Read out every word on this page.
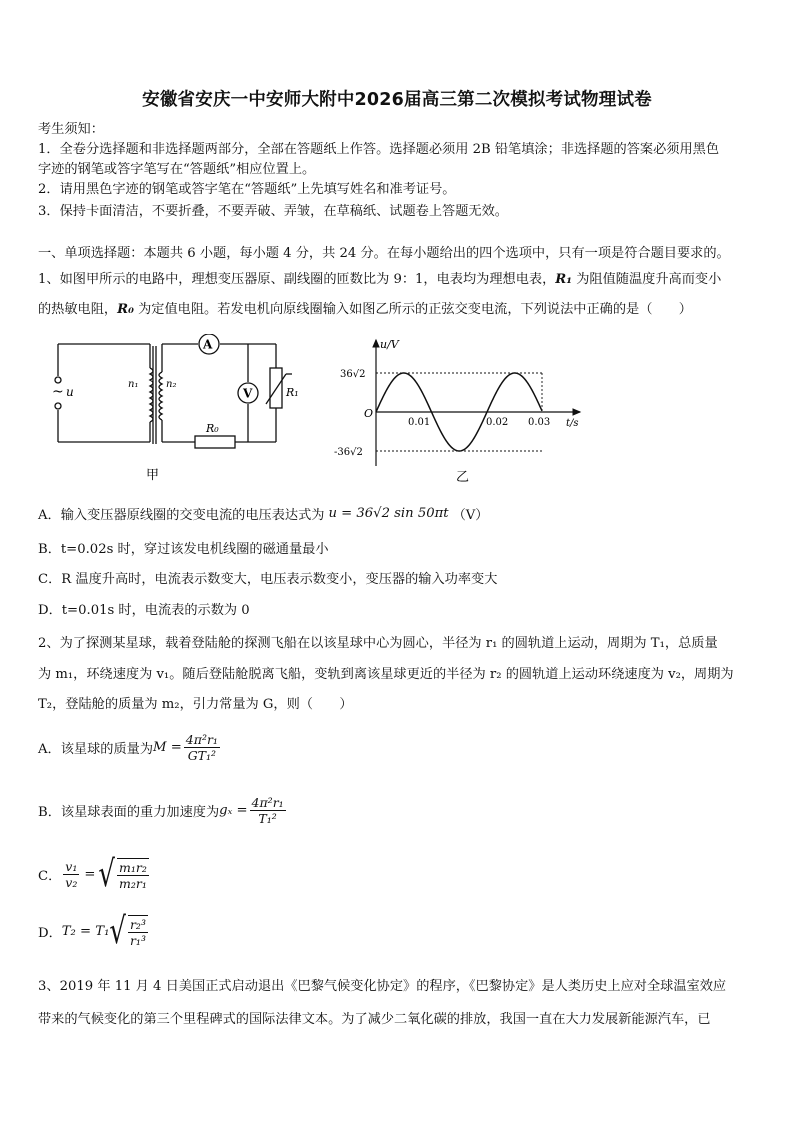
安徽省安庆一中安师大附中2026届高三第二次模拟考试物理试卷
考生须知：
1．全卷分选择题和非选择题两部分，全部在答题纸上作答。选择题必须用 2B 铅笔填涂；非选择题的答案必须用黑色
字迹的钢笔或答字笔写在“答题纸”相应位置上。
2．请用黑色字迹的钢笔或答字笔在“答题纸”上先填写姓名和准考证号。
3．保持卡面清洁，不要折叠，不要弄破、弄皱，在草稿纸、试题卷上答题无效。
一、单项选择题：本题共 6 小题，每小题 4 分，共 24 分。在每小题给出的四个选项中，只有一项是符合题目要求的。
1、如图甲所示的电路中，理想变压器原、副线圈的匝数比为 9：1，电表均为理想电表，R₁ 为阻值随温度升高而变小
的热敏电阻，R₀ 为定值电阻。若发电机向原线圈输入如图乙所示的正弦交变电流，下列说法中正确的是（　　）
A
V
~ u
n₁	n₂
R₁
R₀
甲
u/V
t/s
O
36√2
-36√2
0.01	0.02 0.03
乙
A．输入变压器原线圈的交变电流的电压表达式为 u = 36√2 sin 50πt （V）
B．t=0.02s 时，穿过该发电机线圈的磁通量最小
C．R 温度升高时，电流表示数变大，电压表示数变小，变压器的输入功率变大
D．t=0.01s 时，电流表的示数为 0
2、为了探测某星球，载着登陆舱的探测飞船在以该星球中心为圆心，半径为 r₁ 的圆轨道上运动，周期为 T₁，总质量
为 m₁，环绕速度为 v₁。随后登陆舱脱离飞船，变轨到离该星球更近的半径为 r₂ 的圆轨道上运动环绕速度为 v₂，周期为
T₂，登陆舱的质量为 m₂，引力常量为 G，则（　　）
A．该星球的质量为 $M = \frac{\text{4π²r₁}}{\text{GT₁²}}$
B．该星球表面的重力加速度为 $g_x = \frac{\text{4π²r₁}}{\text{T₁²}}$
C． $\frac{\text{v₁}}{\text{v₂}}$ = √ $\frac{\text{m₁r₂}}{\text{m₂r₁}}$
D． T₂ = T₁ √ $\frac{\text{r₂³}}{\text{r₁³}}$
3、2019 年 11 月 4 日美国正式启动退出《巴黎气候变化协定》的程序，《巴黎协定》是人类历史上应对全球温室效应
带来的气候变化的第三个里程碑式的国际法律文本。为了减少二氧化碳的排放，我国一直在大力发展新能源汽车，已
